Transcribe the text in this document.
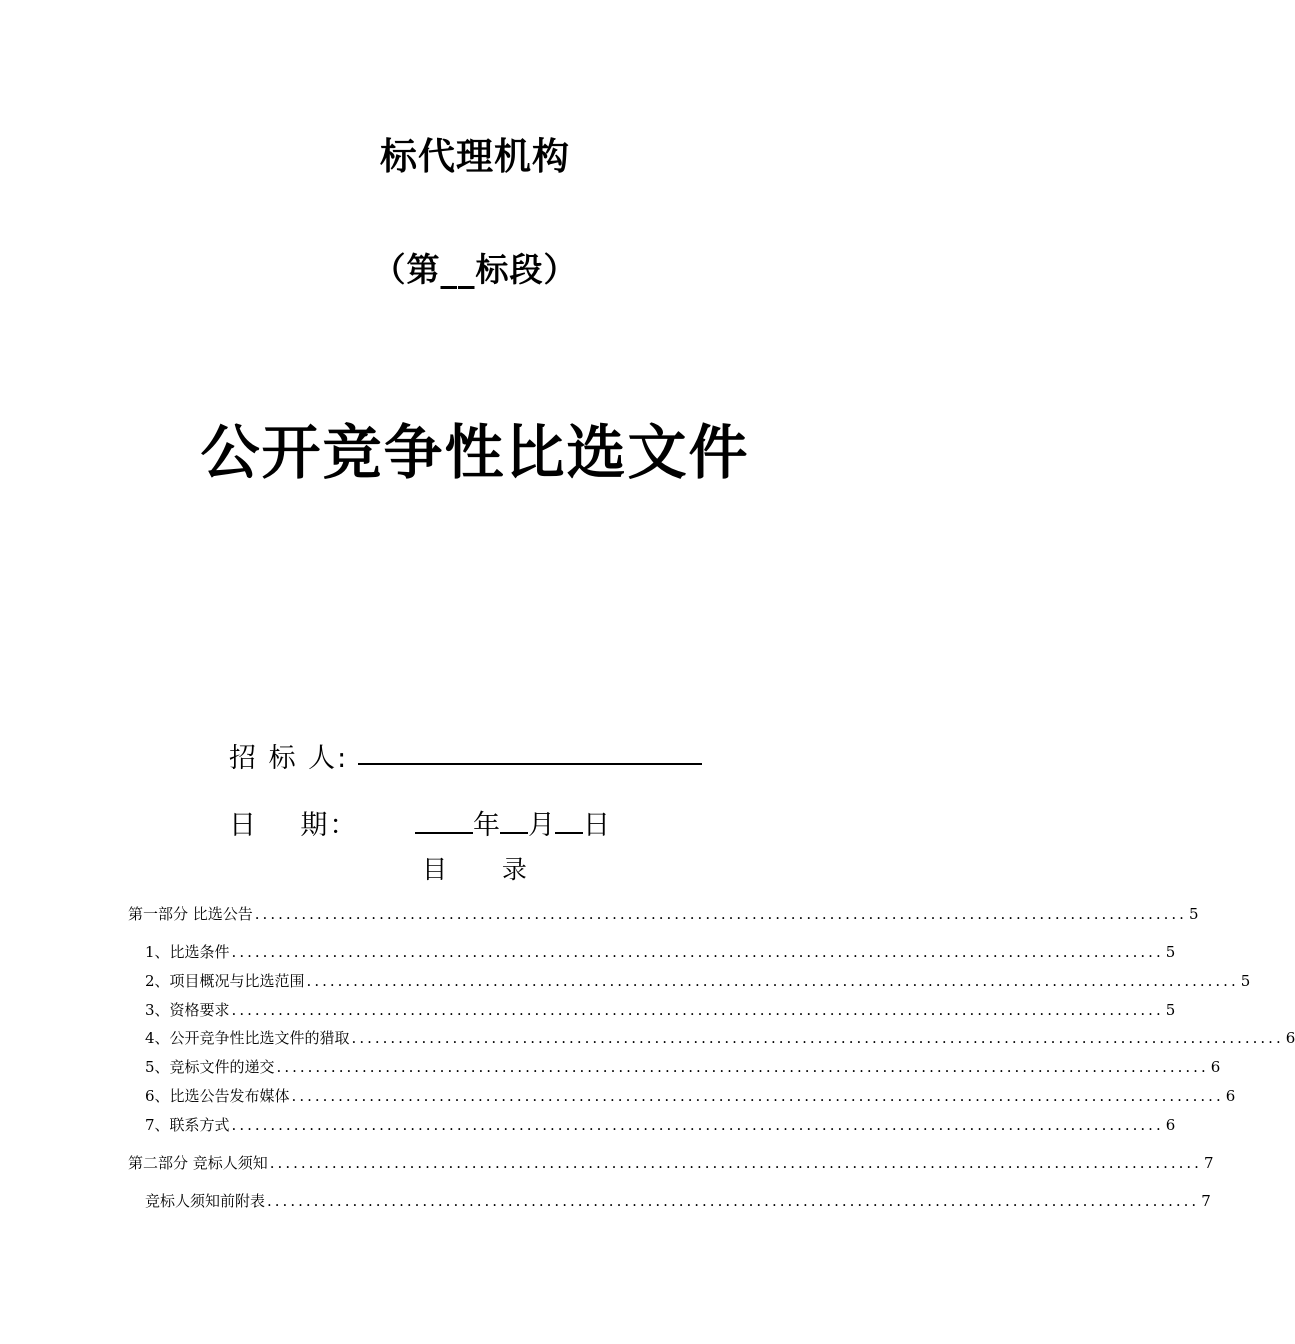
标代理机构
（第__标段）
公开竞争性比选文件
招 标 人:
日    期：	年 月 日
目      录
第一部分 比选公告 ........................................................................................................................ 5
1、比选条件 ........................................................................................................................ 5
2、项目概况与比选范围 ........................................................................................................................ 5
3、资格要求 ........................................................................................................................ 5
4、公开竞争性比选文件的猎取 ........................................................................................................................ 6
5、竞标文件的递交 ........................................................................................................................ 6
6、比选公告发布媒体 ........................................................................................................................ 6
7、联系方式 ........................................................................................................................ 6
第二部分 竞标人须知 ........................................................................................................................ 7
竞标人须知前附表 ........................................................................................................................ 7
